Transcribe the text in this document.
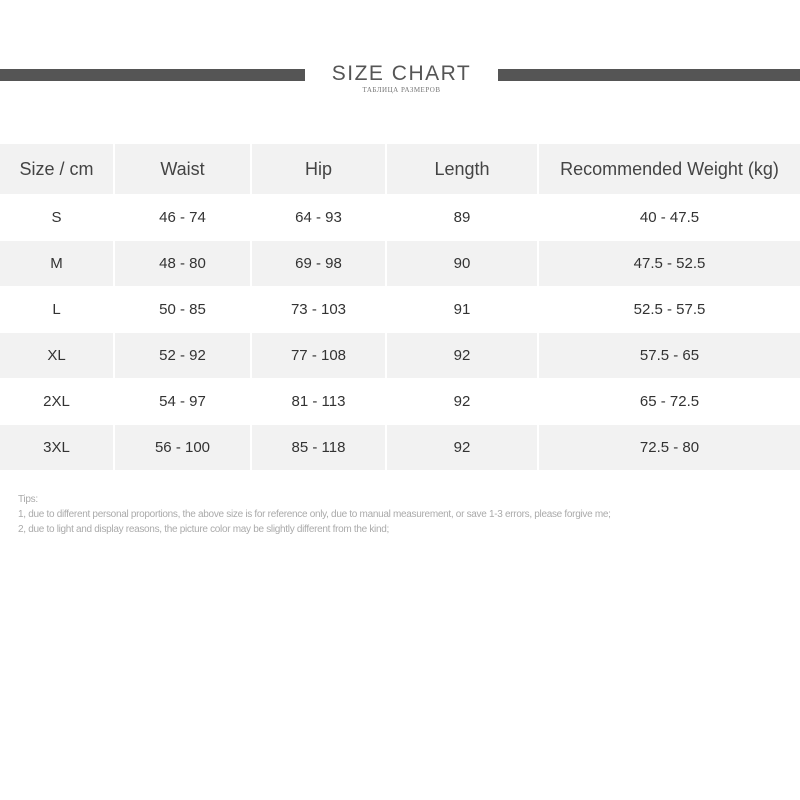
SIZE CHART
ТАБЛИЦА РАЗМЕРОВ
Size / cm	Waist	Hip	Length	Recommended Weight (kg)
S	46 - 74	64 - 93	89	40 - 47.5
M	48 - 80	69 - 98	90	47.5 - 52.5
L	50 - 85	73 - 103	91	52.5 - 57.5
XL	52 - 92	77 - 108	92	57.5 - 65
2XL	54 - 97	81 - 113	92	65 - 72.5
3XL	56 - 100	85 - 118	92	72.5 - 80
Tips:
1, due to different personal proportions, the above size is for reference only, due to manual measurement, or save 1-3 errors, please forgive me;
2, due to light and display reasons, the picture color may be slightly different from the kind;
